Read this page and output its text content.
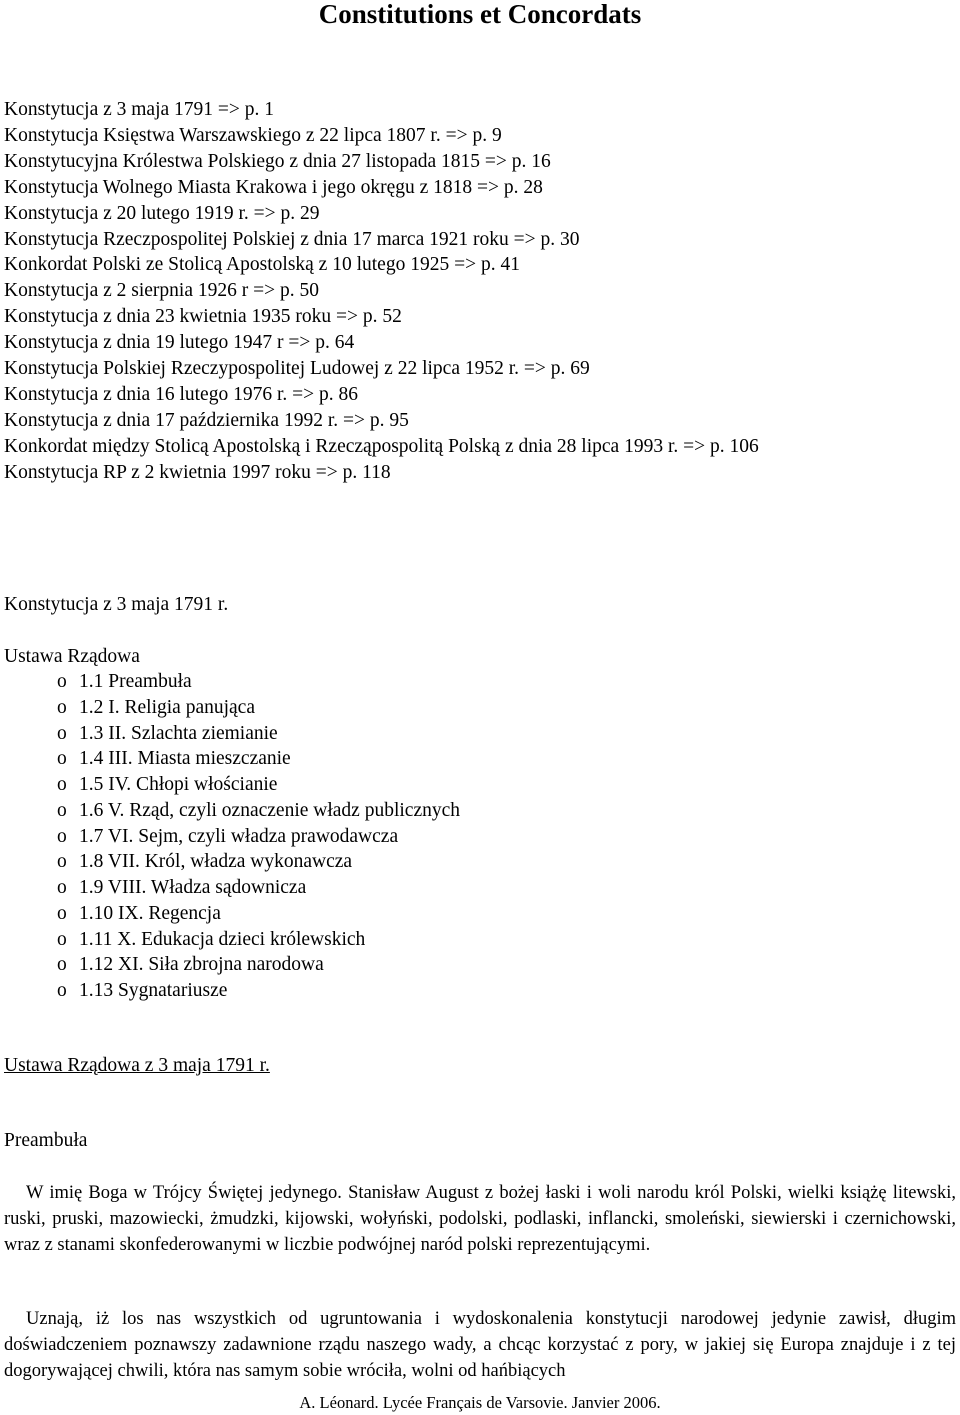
Constitutions et Concordats
Konstytucja z 3 maja 1791 => p. 1
Konstytucja Księstwa Warszawskiego z 22 lipca 1807 r. => p. 9
Konstytucyjna Królestwa Polskiego z dnia 27 listopada 1815 => p. 16
Konstytucja Wolnego Miasta Krakowa i jego okręgu z 1818 => p. 28
Konstytucja z 20 lutego 1919 r. => p. 29
Konstytucja Rzeczpospolitej Polskiej z dnia 17 marca 1921 roku => p. 30
Konkordat Polski ze Stolicą Apostolską z 10 lutego 1925 => p. 41
Konstytucja z 2 sierpnia 1926 r => p. 50
Konstytucja z dnia 23 kwietnia 1935 roku => p. 52
Konstytucja z dnia 19 lutego 1947 r => p. 64
Konstytucja Polskiej Rzeczypospolitej Ludowej z 22 lipca 1952 r. => p. 69
Konstytucja z dnia 16 lutego 1976 r. => p. 86
Konstytucja z dnia 17 października 1992 r. => p. 95
Konkordat między Stolicą Apostolską i Rzecząpospolitą Polską z dnia 28 lipca 1993 r. => p. 106
Konstytucja RP z 2 kwietnia 1997 roku => p. 118
Konstytucja z 3 maja 1791 r.
Ustawa Rządowa
o 1.1 Preambuła
o 1.2 I. Religia panująca
o 1.3 II. Szlachta ziemianie
o 1.4 III. Miasta mieszczanie
o 1.5 IV. Chłopi włościanie
o 1.6 V. Rząd, czyli oznaczenie władz publicznych
o 1.7 VI. Sejm, czyli władza prawodawcza
o 1.8 VII. Król, władza wykonawcza
o 1.9 VIII. Władza sądownicza
o 1.10 IX. Regencja
o 1.11 X. Edukacja dzieci królewskich
o 1.12 XI. Siła zbrojna narodowa
o 1.13 Sygnatariusze
Ustawa Rządowa z 3 maja 1791 r.
Preambuła

W imię Boga w Trójcy Świętej jedynego. Stanisław August z bożej łaski i woli narodu król Polski, wielki książę litewski, ruski, pruski, mazowiecki, żmudzki, kijowski, wołyński, podolski, podlaski, inflancki, smoleński, siewierski i czernichowski, wraz z stanami skonfederowanymi w liczbie podwójnej naród polski reprezentującymi.

Uznają, iż los nas wszystkich od ugruntowania i wydoskonalenia konstytucji narodowej jedynie zawisł, długim doświadczeniem poznawszy zadawnione rządu naszego wady, a chcąc korzystać z pory, w jakiej się Europa znajduje i z tej dogorywającej chwili, która nas samym sobie wróciła, wolni od hańbiących

A. Léonard. Lycée Français de Varsovie. Janvier 2006.
